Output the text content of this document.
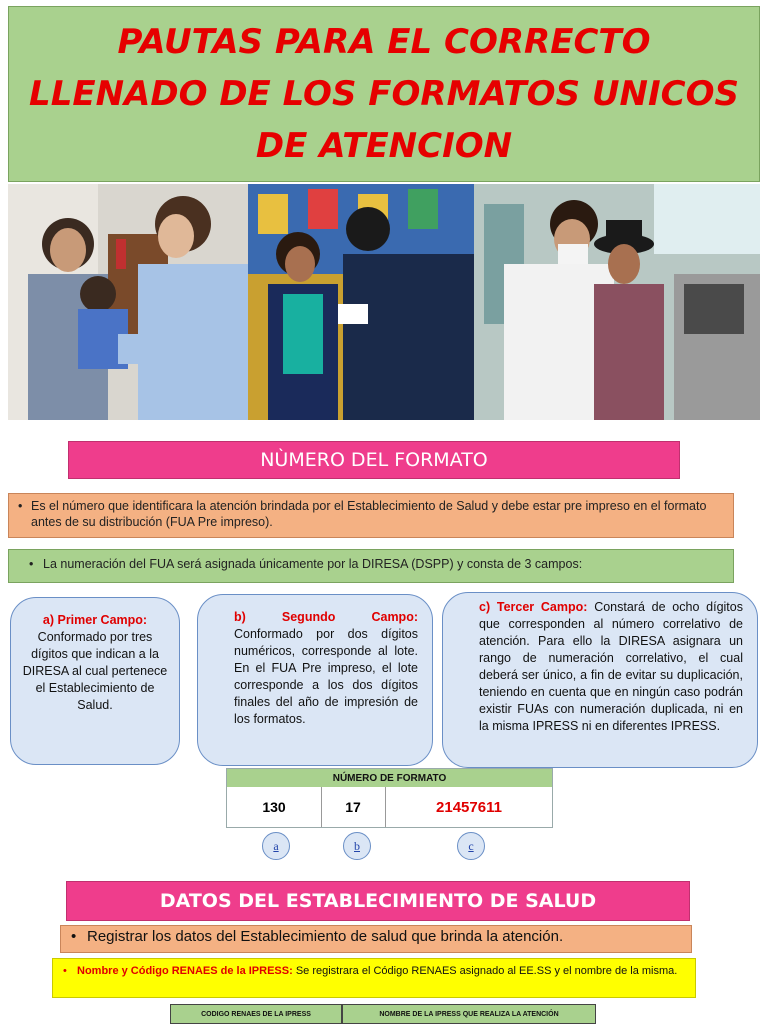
PAUTAS PARA EL CORRECTO
LLENADO DE LOS FORMATOS UNICOS
DE ATENCION
NÙMERO DEL FORMATO
• Es el número que identificara la atención brindada por el Establecimiento de Salud y debe estar pre impreso en el formato antes de su distribución (FUA Pre impreso).
• La numeración del FUA será asignada únicamente por la DIRESA (DSPP) y consta de 3 campos:
a) Primer Campo:
Conformado por tres dígitos que indican a la DIRESA al cual pertenece el Establecimiento de Salud.
b) Segundo Campo:
Conformado por dos dígitos numéricos, corresponde al lote. En el FUA Pre impreso, el lote corresponde a los dos dígitos finales del año de impresión de los formatos.
c) Tercer Campo: Constará de ocho dígitos que corresponden al número correlativo de atención. Para ello la DIRESA asignara un rango de numeración correlativo, el cual deberá ser único, a fin de evitar su duplicación, teniendo en cuenta que en ningún caso podrán existir FUAs con numeración duplicada, ni en la misma IPRESS ni en diferentes IPRESS.
NÚMERO DE FORMATO
130	17	21457611
a	b	c
DATOS DEL ESTABLECIMIENTO DE SALUD
• Registrar los datos del Establecimiento de salud que brinda la atención.
• Nombre y Código RENAES de la IPRESS: Se registrara el Código RENAES asignado al EE.SS y el nombre de la misma.
CODIGO RENAES DE LA IPRESS	NOMBRE DE LA IPRESS QUE REALIZA LA ATENCIÓN
